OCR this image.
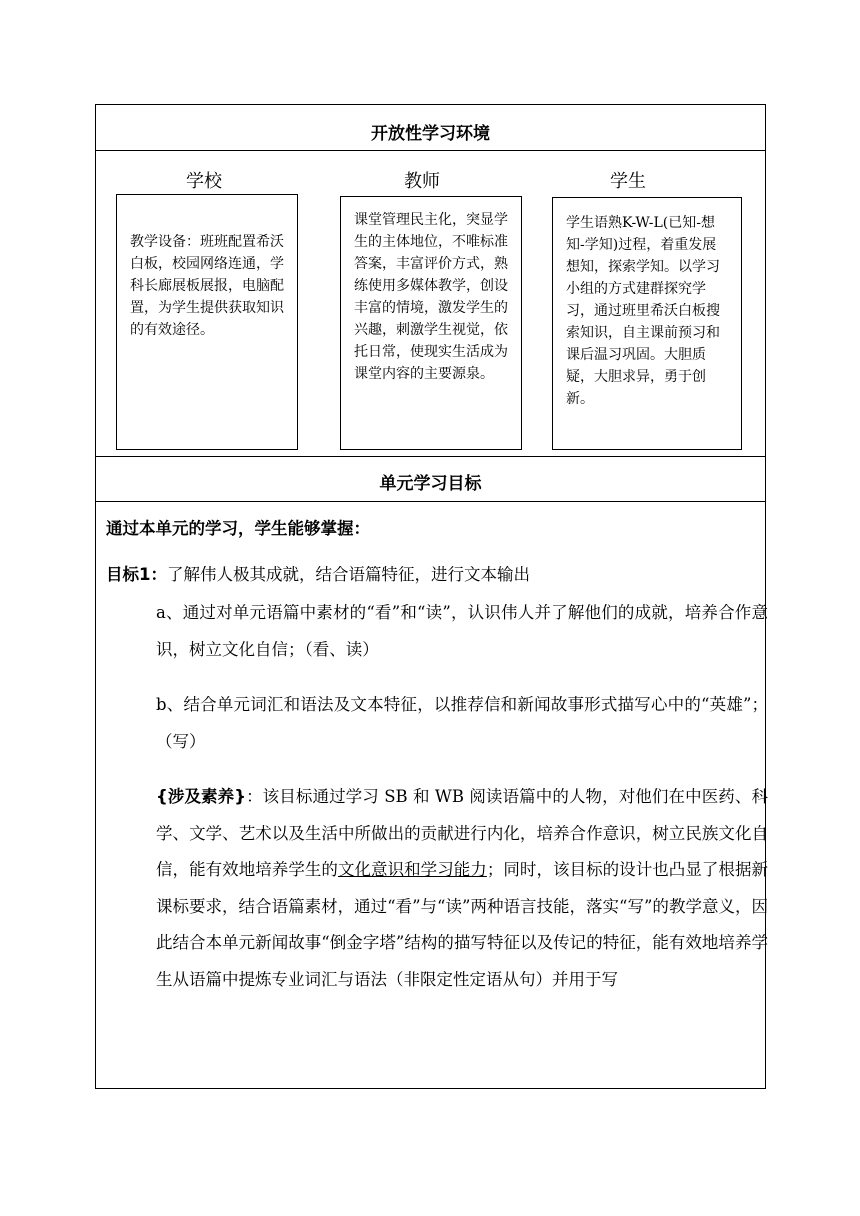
开放性学习环境
学校	教师	学生

教学设备：班班配置希沃白板，校园网络连通，学科长廊展板展报，电脑配置，为学生提供获取知识的有效途径。

课堂管理民主化，突显学生的主体地位，不唯标准答案，丰富评价方式，熟练使用多媒体教学，创设丰富的情境，激发学生的兴趣，刺激学生视觉，依托日常，使现实生活成为课堂内容的主要源泉。

学生语熟K-W-L(已知-想知-学知)过程，着重发展想知，探索学知。以学习小组的方式建群探究学习，通过班里希沃白板搜索知识，自主课前预习和课后温习巩固。大胆质疑，大胆求异，勇于创新。

单元学习目标
通过本单元的学习，学生能够掌握：
目标1：了解伟人极其成就，结合语篇特征，进行文本输出
a、通过对单元语篇中素材的“看”和“读”，认识伟人并了解他们的成就，培养合作意识，树立文化自信；（看、读）
b、结合单元词汇和语法及文本特征，以推荐信和新闻故事形式描写心中的“英雄”；（写）
{涉及素养}：该目标通过学习 SB 和 WB 阅读语篇中的人物，对他们在中医药、科学、文学、艺术以及生活中所做出的贡献进行内化，培养合作意识，树立民族文化自信，能有效地培养学生的文化意识和学习能力；同时，该目标的设计也凸显了根据新课标要求，结合语篇素材，通过“看”与“读”两种语言技能，落实“写”的教学意义，因此结合本单元新闻故事“倒金字塔”结构的描写特征以及传记的特征，能有效地培养学生从语篇中提炼专业词汇与语法（非限定性定语从句）并用于写
